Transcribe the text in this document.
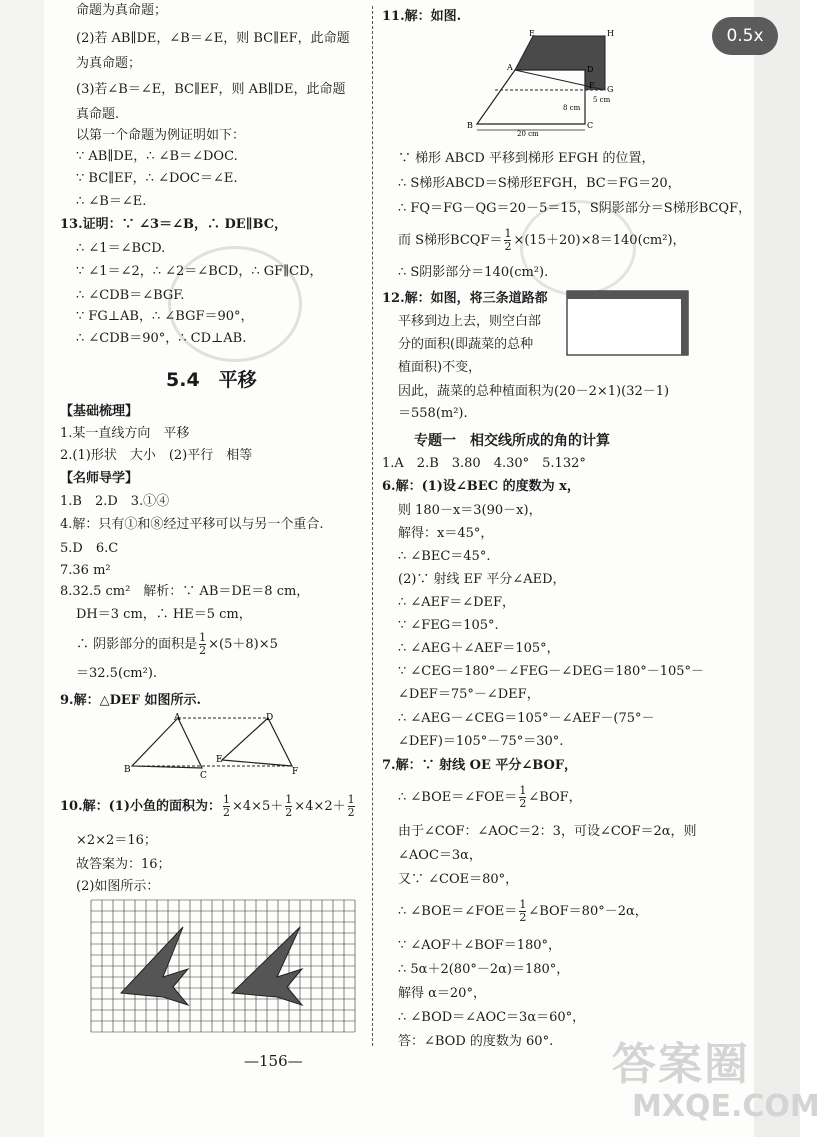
命题为真命题；
(2)若 AB∥DE，∠B＝∠E，则 BC∥EF，此命题
为真命题；
(3)若∠B＝∠E，BC∥EF，则 AB∥DE，此命题
真命题.
以第一个命题为例证明如下：
∵ AB∥DE，∴ ∠B＝∠DOC.
∵ BC∥EF，∴ ∠DOC＝∠E.
∴ ∠B＝∠E.
13.证明：∵ ∠3＝∠B，∴ DE∥BC，
∴ ∠1＝∠BCD.
∵ ∠1＝∠2，∴ ∠2＝∠BCD，∴ GF∥CD，
∴ ∠CDB＝∠BGF.
∵ FG⊥AB，∴ ∠BGF＝90°，
∴ ∠CDB＝90°，∴ CD⊥AB.
5.4　平移
【基础梳理】
1.某一直线方向　平移
2.(1)形状　大小　(2)平行　相等
【名师导学】
1.B　2.D　3.①④
4.解：只有①和⑧经过平移可以与另一个重合.
5.D　6.C
7.36 m²
8.32.5 cm²　解析：∵ AB＝DE＝8 cm，
DH＝3 cm，∴ HE＝5 cm，
∴ 阴影部分的面积是 $\frac{1}{2} \times(5+8)\times 5$
＝32.5(cm²).
9.解：△DEF 如图所示.
A	D
B
E
C	F
10.解：(1)小鱼的面积为： $\frac{1}{2} \times 4\times 5+ \frac{1}{2} \times 4\times 2+ \frac{1}{2}$
×2×2＝16；
故答案为：16；
(2)如图所示：
—156—
11.解：如图.
E	H
A	D
F G
B	C
8 cm
20 cm
5 cm
∵ 梯形 ABCD 平移到梯形 EFGH 的位置，
∴ S梯形ABCD＝S梯形EFGH，BC＝FG＝20，
∴ FQ＝FG－QG＝20－5＝15，S阴影部分＝S梯形BCQF，
而 S梯形BCQF＝ $\frac{1}{2} \times(15+20)\times 8=140(cm^2)$，
∴ S阴影部分＝140(cm²).
12.解：如图，将三条道路都
平移到边上去，则空白部
分的面积(即蔬菜的总种
植面积)不变，
因此，蔬菜的总种植面积为(20－2×1)(32－1)
＝558(m²).
专题一　相交线所成的角的计算
1.A　2.B　3.80　4.30°　5.132°
6.解：(1)设∠BEC 的度数为 x，
则 180－x＝3(90－x)，
解得：x＝45°，
∴ ∠BEC＝45°.
(2)∵ 射线 EF 平分∠AED，
∴ ∠AEF＝∠DEF，
∵ ∠FEG＝105°.
∴ ∠AEG＋∠AEF＝105°，
∵ ∠CEG＝180°－∠FEG－∠DEG＝180°－105°－
∠DEF＝75°－∠DEF，
∴ ∠AEG－∠CEG＝105°－∠AEF－(75°－
∠DEF)＝105°－75°＝30°.
7.解：∵ 射线 OE 平分∠BOF，
∴ ∠BOE＝∠FOE＝ $\frac{1}{2}$ ∠BOF，
由于∠COF：∠AOC＝2：3，可设∠COF＝2α，则
∠AOC＝3α，
又∵ ∠COE＝80°，
∴ ∠BOE＝∠FOE＝ $\frac{1}{2}$ ∠BOF＝80°－2α，
∵ ∠AOF＋∠BOF＝180°，
∴ 5α＋2(80°－2α)＝180°，
解得 α＝20°，
∴ ∠BOD＝∠AOC＝3α＝60°，
答：∠BOD 的度数为 60°. 答案圈
MXQE.COM
0.5x
